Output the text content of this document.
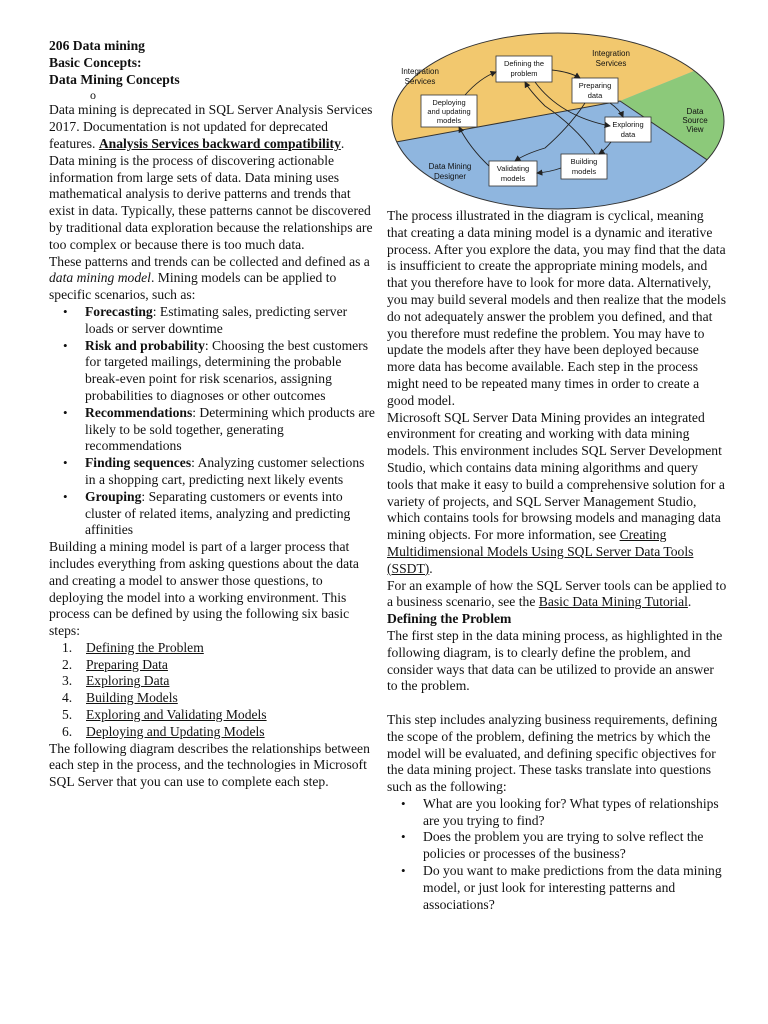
206 Data mining

Basic Concepts:

Data Mining Concepts

o

Data mining is deprecated in SQL Server Analysis Services 2017. Documentation is not updated for deprecated features. Analysis Services backward compatibility.

Data mining is the process of discovering actionable information from large sets of data. Data mining uses mathematical analysis to derive patterns and trends that exist in data. Typically, these patterns cannot be discovered by traditional data exploration because the relationships are too complex or because there is too much data.

These patterns and trends can be collected and defined as a data mining model. Mining models can be applied to specific scenarios, such as:

• Forecasting: Estimating sales, predicting server loads or server downtime
• Risk and probability: Choosing the best customers for targeted mailings, determining the probable break-even point for risk scenarios, assigning probabilities to diagnoses or other outcomes
• Recommendations: Determining which products are likely to be sold together, generating recommendations
• Finding sequences: Analyzing customer selections in a shopping cart, predicting next likely events
• Grouping: Separating customers or events into cluster of related items, analyzing and predicting affinities

Building a mining model is part of a larger process that includes everything from asking questions about the data and creating a model to answer those questions, to deploying the model into a working environment. This process can be defined by using the following six basic steps:

1. Defining the Problem
2. Preparing Data
3. Exploring Data
4. Building Models
5. Exploring and Validating Models
6. Deploying and Updating Models

The following diagram describes the relationships between each step in the process, and the technologies in Microsoft SQL Server that you can use to complete each step.

Integration
Services
Integration
Services
Data
Source
View
Data Mining
Designer
Defining the
problem
Preparing
data
Exploring
data
Building
models
Validating
models
Deploying
and updating
models

The process illustrated in the diagram is cyclical, meaning that creating a data mining model is a dynamic and iterative process. After you explore the data, you may find that the data is insufficient to create the appropriate mining models, and that you therefore have to look for more data. Alternatively, you may build several models and then realize that the models do not adequately answer the problem you defined, and that you therefore must redefine the problem. You may have to update the models after they have been deployed because more data has become available. Each step in the process might need to be repeated many times in order to create a good model.

Microsoft SQL Server Data Mining provides an integrated environment for creating and working with data mining models. This environment includes SQL Server Development Studio, which contains data mining algorithms and query tools that make it easy to build a comprehensive solution for a variety of projects, and SQL Server Management Studio, which contains tools for browsing models and managing data mining objects. For more information, see Creating Multidimensional Models Using SQL Server Data Tools (SSDT).

For an example of how the SQL Server tools can be applied to a business scenario, see the Basic Data Mining Tutorial.

Defining the Problem

The first step in the data mining process, as highlighted in the following diagram, is to clearly define the problem, and consider ways that data can be utilized to provide an answer to the problem.

This step includes analyzing business requirements, defining the scope of the problem, defining the metrics by which the model will be evaluated, and defining specific objectives for the data mining project. These tasks translate into questions such as the following:

• What are you looking for? What types of relationships are you trying to find?
• Does the problem you are trying to solve reflect the policies or processes of the business?
• Do you want to make predictions from the data mining model, or just look for interesting patterns and associations?
